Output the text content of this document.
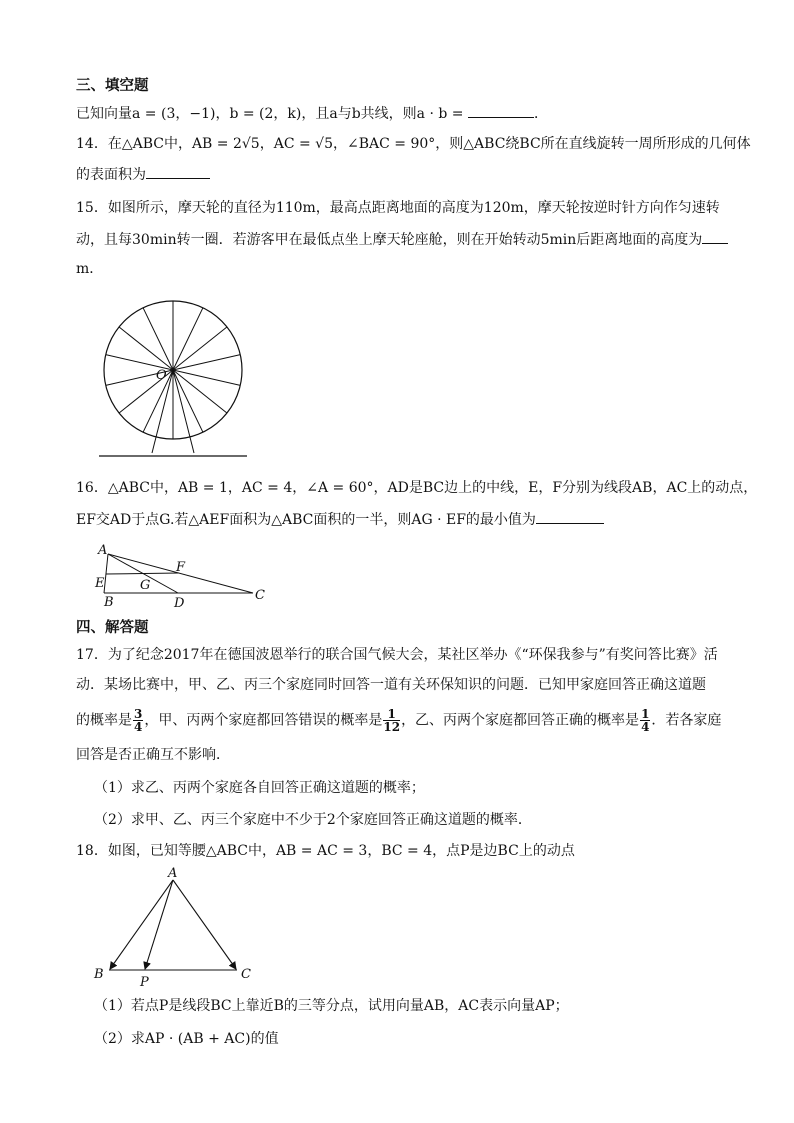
三、填空题
已知向量a = (3，−1)，b = (2，k)，且a与b共线，则a · b =	．
14．在△ABC中，AB = 2√5，AC = √5，∠BAC = 90°，则△ABC绕BC所在直线旋转一周所形成的几何体
的表面积为
15．如图所示，摩天轮的直径为110m，最高点距离地面的高度为120m，摩天轮按逆时针方向作匀速转
动，且每30min转一圈．若游客甲在最低点坐上摩天轮座舱，则在开始转动5min后距离地面的高度为
m．
O
16．△ABC中，AB = 1，AC = 4，∠A = 60°，AD是BC边上的中线，E，F分别为线段AB，AC上的动点，
EF交AD于点G.若△AEF面积为△ABC面积的一半，则AG · EF的最小值为
A
E
B
G
F
D
C
四、解答题
17．为了纪念2017年在德国波恩举行的联合国气候大会，某社区举办《“环保我参与”有奖问答比赛》活
动．某场比赛中，甲、乙、丙三个家庭同时回答一道有关环保知识的问题．已知甲家庭回答正确这道题
的概率是 $\frac{3}{4}$ ，甲、丙两个家庭都回答错误的概率是 $\frac{1}{12}$ ，乙、丙两个家庭都回答正确的概率是 $\frac{1}{4}$ ．若各家庭
回答是否正确互不影响．
（1）求乙、丙两个家庭各自回答正确这道题的概率；
（2）求甲、乙、丙三个家庭中不少于2个家庭回答正确这道题的概率．
18．如图，已知等腰△ABC中，AB = AC = 3，BC = 4，点P是边BC上的动点
A
B	C
P
（1）若点P是线段BC上靠近B的三等分点，试用向量AB，AC表示向量AP；
（2）求AP · (AB + AC)的值
